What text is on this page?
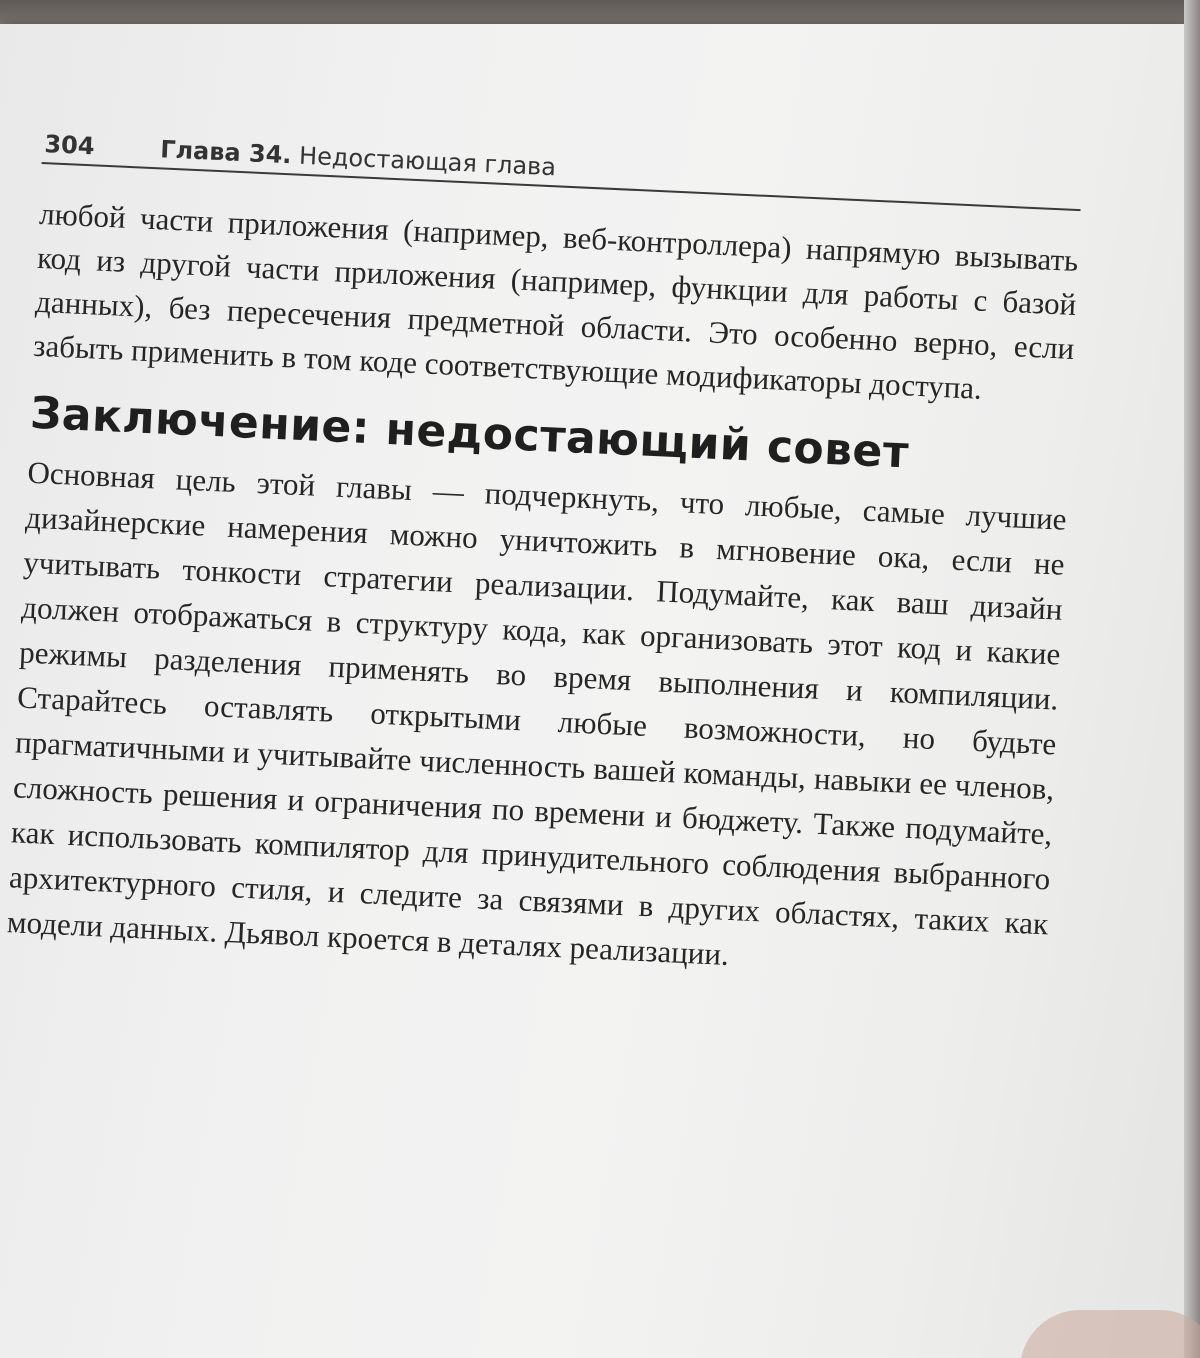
304	Глава 34. Недостающая глава

любой части приложения (например, веб-контроллера) напрямую вызывать код из другой части приложения (например, функции для работы с базой данных), без пересечения предметной области. Это особенно верно, если забыть применить в том коде соответствующие модификаторы доступа.

Заключение: недостающий совет

Основная цель этой главы — подчеркнуть, что любые, самые лучшие дизайнерские намерения можно уничтожить в мгновение ока, если не учитывать тонкости стратегии реализации. Подумайте, как ваш дизайн должен отображаться в структуру кода, как организовать этот код и какие режимы разделения применять во время выполнения и компиляции. Старайтесь оставлять открытыми любые возможности, но будьте прагматичными и учитывайте численность вашей команды, навыки ее членов, сложность решения и ограничения по времени и бюджету. Также подумайте, как использовать компилятор для принудительного соблюдения выбранного архитектурного стиля, и следите за связями в других областях, таких как модели данных. Дьявол кроется в деталях реализации.
